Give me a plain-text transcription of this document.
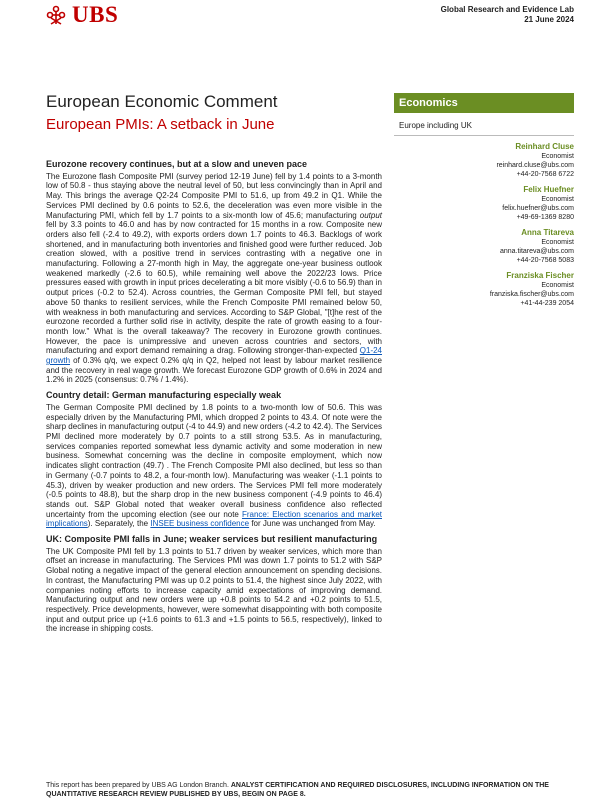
UBS	Global Research and Evidence Lab
21 June 2024
European Economic Comment
European PMIs: A setback in June
Economics
Europe including UK
Reinhard Cluse
Economist
reinhard.cluse@ubs.com
+44-20-7568 6722
Felix Huefner
Economist
felix.huefner@ubs.com
+49-69-1369 8280
Anna Titareva
Economist
anna.titareva@ubs.com
+44-20-7568 5083
Franziska Fischer
Economist
franziska.fischer@ubs.com
+41-44-239 2054
Eurozone recovery continues, but at a slow and uneven pace

The Eurozone flash Composite PMI (survey period 12-19 June) fell by 1.4 points to a 3-month low of 50.8 - thus staying above the neutral level of 50, but less convincingly than in April and May. This brings the average Q2-24 Composite PMI to 51.6, up from 49.2 in Q1. While the Services PMI declined by 0.6 points to 52.6, the deceleration was even more visible in the Manufacturing PMI, which fell by 1.7 points to a six-month low of 45.6; manufacturing output fell by 3.3 points to 46.0 and has by now contracted for 15 months in a row. Composite new orders also fell (-2.4 to 49.2), with exports orders down 1.7 points to 46.3. Backlogs of work shortened, and in manufacturing both inventories and finished good were further reduced. Job creation slowed, with a positive trend in services contrasting with a negative one in manufacturing. Following a 27-month high in May, the aggregate one-year business outlook weakened markedly (-2.6 to 60.5), while remaining well above the 2022/23 lows. Price pressures eased with growth in input prices decelerating a bit more visibly (-0.6 to 56.9) than in output prices (-0.2 to 52.4). Across countries, the German Composite PMI fell, but stayed above 50 thanks to resilient services, while the French Composite PMI remained below 50, with weakness in both manufacturing and services. According to S&P Global, "[t]he rest of the eurozone recorded a further solid rise in activity, despite the rate of growth easing to a four-month low." What is the overall takeaway? The recovery in Eurozone growth continues. However, the pace is unimpressive and uneven across countries and sectors, with manufacturing and export demand remaining a drag. Following stronger-than-expected Q1-24 growth of 0.3% q/q, we expect 0.2% q/q in Q2, helped not least by labour market resilience and the recovery in real wage growth. We forecast Eurozone GDP growth of 0.6% in 2024 and 1.2% in 2025 (consensus: 0.7% / 1.4%).

Country detail: German manufacturing especially weak

The German Composite PMI declined by 1.8 points to a two-month low of 50.6. This was especially driven by the Manufacturing PMI, which dropped 2 points to 43.4. Of note were the sharp declines in manufacturing output (-4 to 44.9) and new orders (-4.2 to 42.4). The Services PMI declined more moderately by 0.7 points to a still strong 53.5. As in manufacturing, services companies reported somewhat less dynamic activity and some moderation in new business. Somewhat concerning was the decline in composite employment, which now indicates slight contraction (49.7) . The French Composite PMI also declined, but less so than in Germany (-0.7 points to 48.2, a four-month low). Manufacturing was weaker (-1.1 points to 45.3), driven by weaker production and new orders. The Services PMI fell more moderately (-0.5 points to 48.8), but the sharp drop in the new business component (-4.9 points to 46.4) stands out. S&P Global noted that weaker overall business confidence also reflected uncertainty from the upcoming election (see our note France: Election scenarios and market implications). Separately, the INSEE business confidence for June was unchanged from May.

UK: Composite PMI falls in June; weaker services but resilient manufacturing

The UK Composite PMI fell by 1.3 points to 51.7 driven by weaker services, which more than offset an increase in manufacturing. The Services PMI was down 1.7 points to 51.2 with S&P Global noting a negative impact of the general election announcement on spending decisions. In contrast, the Manufacturing PMI was up 0.2 points to 51.4, the highest since July 2022, with companies noting efforts to increase capacity amid expectations of improving demand. Manufacturing output and new orders were up +0.8 points to 54.2 and +0.2 points to 51.5, respectively. Price developments, however, were somewhat disappointing with both composite input and output price up (+1.6 points to 61.3 and +1.5 points to 56.5, respectively), linked to the increase in shipping costs.

This report has been prepared by UBS AG London Branch. ANALYST CERTIFICATION AND REQUIRED DISCLOSURES, INCLUDING INFORMATION ON THE QUANTITATIVE RESEARCH REVIEW PUBLISHED BY UBS, BEGIN ON PAGE 8.
